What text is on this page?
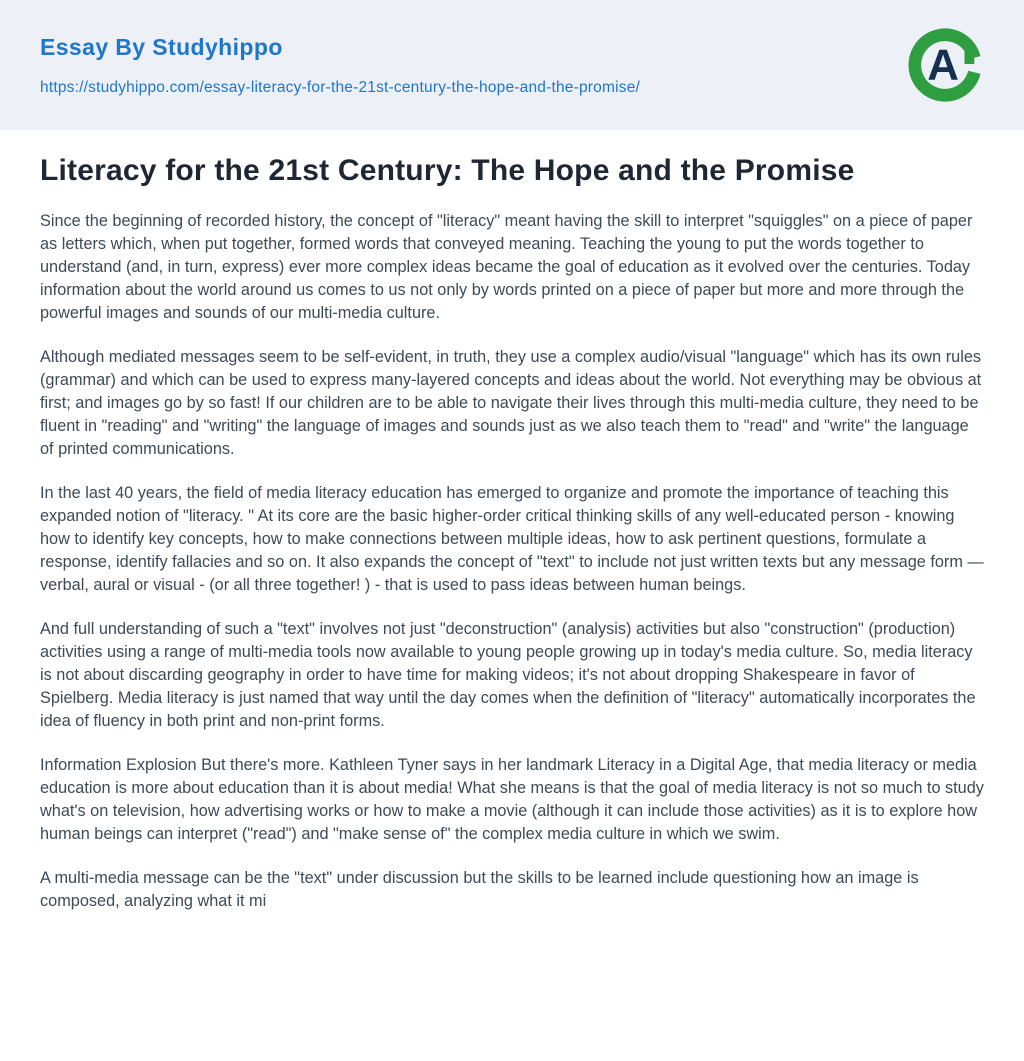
Essay By Studyhippo
https://studyhippo.com/essay-literacy-for-the-21st-century-the-hope-and-the-promise/	A
Literacy for the 21st Century: The Hope and the Promise

Since the beginning of recorded history, the concept of "literacy" meant having the skill to interpret "squiggles" on a piece of paper as letters which, when put together, formed words that conveyed meaning. Teaching the young to put the words together to understand (and, in turn, express) ever more complex ideas became the goal of education as it evolved over the centuries. Today information about the world around us comes to us not only by words printed on a piece of paper but more and more through the powerful images and sounds of our multi-media culture.

Although mediated messages seem to be self-evident, in truth, they use a complex audio/visual "language" which has its own rules (grammar) and which can be used to express many-layered concepts and ideas about the world. Not everything may be obvious at first; and images go by so fast! If our children are to be able to navigate their lives through this multi-media culture, they need to be fluent in "reading" and "writing" the language of images and sounds just as we also teach them to "read" and "write" the language of printed communications.

In the last 40 years, the field of media literacy education has emerged to organize and promote the importance of teaching this expanded notion of "literacy. " At its core are the basic higher-order critical thinking skills of any well-educated person - knowing how to identify key concepts, how to make connections between multiple ideas, how to ask pertinent questions, formulate a response, identify fallacies and so on. It also expands the concept of "text" to include not just written texts but any message form — verbal, aural or visual - (or all three together! ) - that is used to pass ideas between human beings.

And full understanding of such a "text" involves not just "deconstruction" (analysis) activities but also "construction" (production) activities using a range of multi-media tools now available to young people growing up in today's media culture. So, media literacy is not about discarding geography in order to have time for making videos; it's not about dropping Shakespeare in favor of Spielberg. Media literacy is just named that way until the day comes when the definition of "literacy" automatically incorporates the idea of fluency in both print and non-print forms.

Information Explosion But there's more. Kathleen Tyner says in her landmark Literacy in a Digital Age, that media literacy or media education is more about education than it is about media! What she means is that the goal of media literacy is not so much to study what's on television, how advertising works or how to make a movie (although it can include those activities) as it is to explore how human beings can interpret ("read") and "make sense of" the complex media culture in which we swim.

A multi-media message can be the "text" under discussion but the skills to be learned include questioning how an image is composed, analyzing what it mi
